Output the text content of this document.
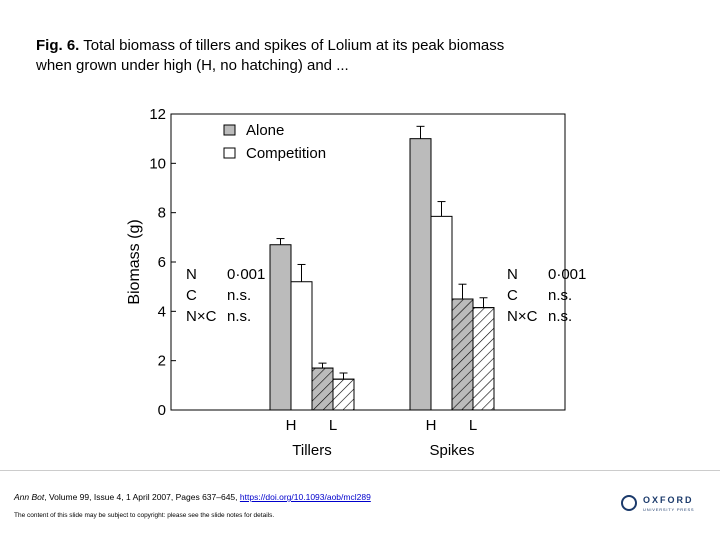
Fig. 6. Total biomass of tillers and spikes of Lolium at its peak biomass when grown under high (H, no hatching) and ...
0
2
4
6
8
10
12
Biomass (g)
Alone
Competition
H L
Tillers
H L
Spikes
N 0·001
C n.s.
N×C n.s.
N 0·001
C n.s.
N×C n.s.
Ann Bot, Volume 99, Issue 4, 1 April 2007, Pages 637–645, https://doi.org/10.1093/aob/mcl289
The content of this slide may be subject to copyright: please see the slide notes for details.
OXFORD
UNIVERSITY PRESS
